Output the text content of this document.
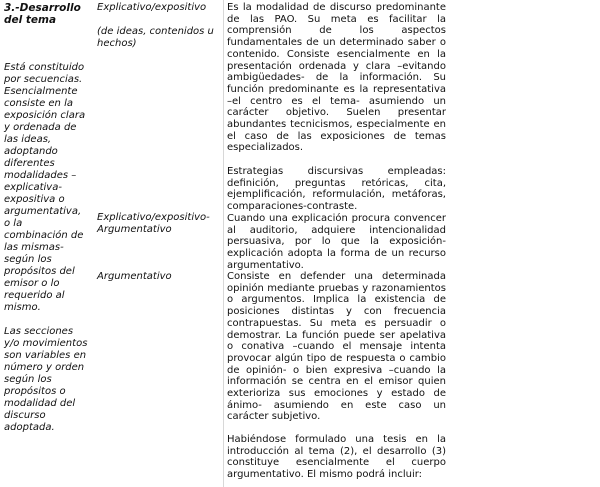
3.-Desarrollo del tema

Está constituido por secuencias. Esencialmente consiste en la exposición clara y ordenada de las ideas, adoptando diferentes modalidades –explicativa-expositiva o argumentativa, o la combinación de las mismas- según los propósitos del emisor o lo requerido al mismo.

Las secciones y/o movimientos son variables en número y orden según los propósitos o modalidad del discurso adoptada.

Explicativo/expositivo
(de ideas, contenidos u hechos)
Explicativo/expositivo-Argumentativo
Argumentativo

Es la modalidad de discurso predominante de las PAO. Su meta es facilitar la comprensión de los aspectos fundamentales de un determinado saber o contenido. Consiste esencialmente en la presentación ordenada y clara –evitando ambigüedades- de la información. Su función predominante es la representativa –el centro es el tema- asumiendo un carácter objetivo. Suelen presentar abundantes tecnicismos, especialmente en el caso de las exposiciones de temas especializados.

Estrategias discursivas empleadas: definición, preguntas retóricas, cita, ejemplificación, reformulación, metáforas, comparaciones-contraste.

Cuando una explicación procura convencer al auditorio, adquiere intencionalidad persuasiva, por lo que la exposición-explicación adopta la forma de un recurso argumentativo.

Consiste en defender una determinada opinión mediante pruebas y razonamientos o argumentos. Implica la existencia de posiciones distintas y con frecuencia contrapuestas. Su meta es persuadir o demostrar. La función puede ser apelativa o conativa –cuando el mensaje intenta provocar algún tipo de respuesta o cambio de opinión- o bien expresiva –cuando la información se centra en el emisor quien exterioriza sus emociones y estado de ánimo- asumiendo en este caso un carácter subjetivo.

Habiéndose formulado una tesis en la introducción al tema (2), el desarrollo (3) constituye esencialmente el cuerpo argumentativo. El mismo podrá incluir:
